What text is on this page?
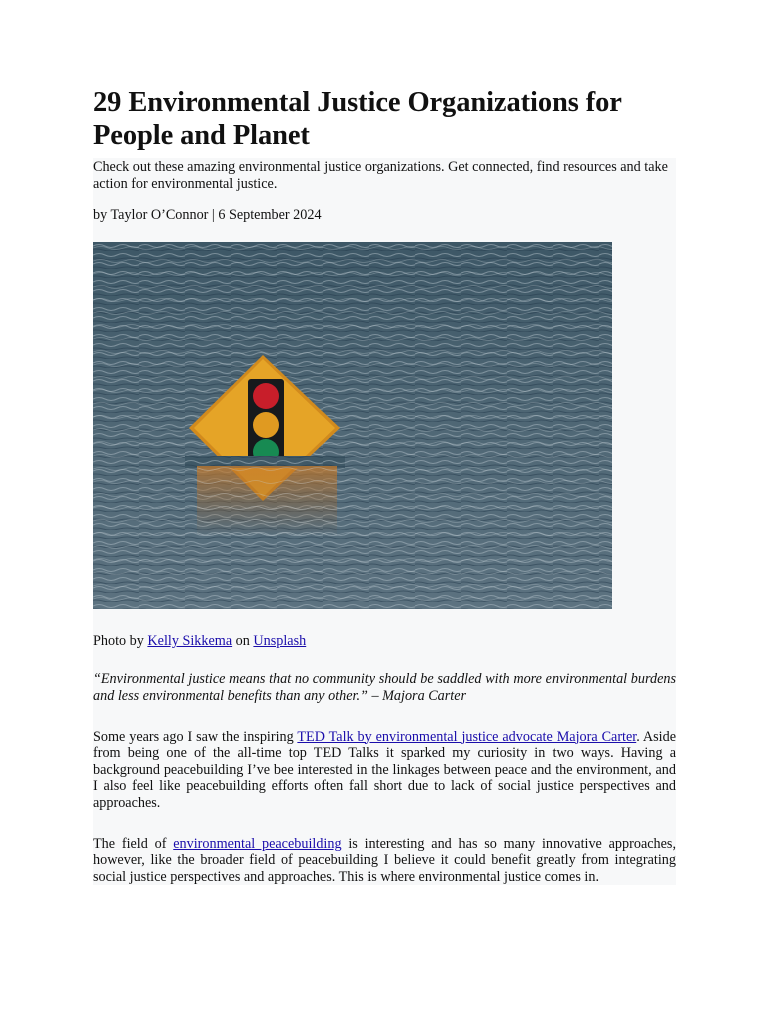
29 Environmental Justice Organizations for People and Planet

Check out these amazing environmental justice organizations. Get connected, find resources and take action for environmental justice.

by Taylor O’Connor | 6 September 2024

Photo by Kelly Sikkema on Unsplash

“Environmental justice means that no community should be saddled with more environmental burdens and less environmental benefits than any other.” – Majora Carter

Some years ago I saw the inspiring TED Talk by environmental justice advocate Majora Carter. Aside from being one of the all-time top TED Talks it sparked my curiosity in two ways. Having a background peacebuilding I’ve bee interested in the linkages between peace and the environment, and I also feel like peacebuilding efforts often fall short due to lack of social justice perspectives and approaches.

The field of environmental peacebuilding is interesting and has so many innovative approaches, however, like the broader field of peacebuilding I believe it could benefit greatly from integrating social justice perspectives and approaches. This is where environmental justice comes in.
